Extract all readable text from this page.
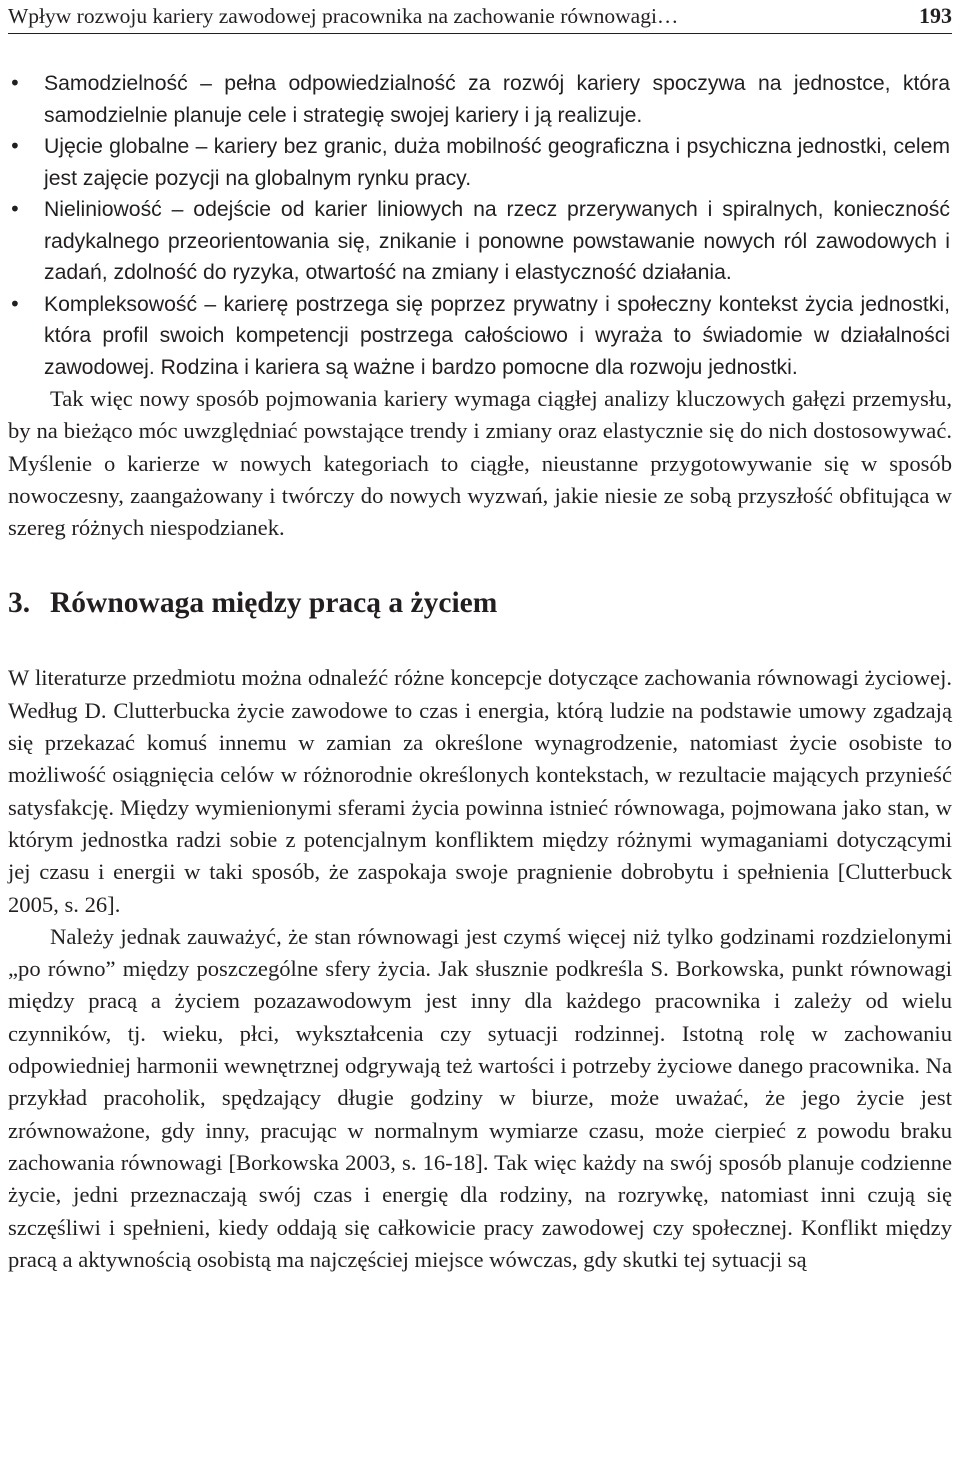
Wpływ rozwoju kariery zawodowej pracownika na zachowanie równowagi…	193
• Samodzielność – pełna odpowiedzialność za rozwój kariery spoczywa na jednostce, która samodzielnie planuje cele i strategię swojej kariery i ją realizuje.
• Ujęcie globalne – kariery bez granic, duża mobilność geograficzna i psychiczna jednostki, celem jest zajęcie pozycji na globalnym rynku pracy.
• Nieliniowość – odejście od karier liniowych na rzecz przerywanych i spiralnych, konieczność radykalnego przeorientowania się, znikanie i ponowne powstawanie nowych ról zawodowych i zadań, zdolność do ryzyka, otwartość na zmiany i elastyczność działania.
• Kompleksowość – karierę postrzega się poprzez prywatny i społeczny kontekst życia jednostki, która profil swoich kompetencji postrzega całościowo i wyraża to świadomie w działalności zawodowej. Rodzina i kariera są ważne i bardzo pomocne dla rozwoju jednostki.

Tak więc nowy sposób pojmowania kariery wymaga ciągłej analizy kluczowych gałęzi przemysłu, by na bieżąco móc uwzględniać powstające trendy i zmiany oraz elastycznie się do nich dostosowywać. Myślenie o karierze w nowych kategoriach to ciągłe, nieustanne przygotowywanie się w sposób nowoczesny, zaangażowany i twórczy do nowych wyzwań, jakie niesie ze sobą przyszłość obfitująca w szereg różnych niespodzianek.

3. Równowaga między pracą a życiem

W literaturze przedmiotu można odnaleźć różne koncepcje dotyczące zachowania równowagi życiowej. Według D. Clutterbucka życie zawodowe to czas i energia, którą ludzie na podstawie umowy zgadzają się przekazać komuś innemu w zamian za określone wynagrodzenie, natomiast życie osobiste to możliwość osiągnięcia celów w różnorodnie określonych kontekstach, w rezultacie mających przynieść satysfakcję. Między wymienionymi sferami życia powinna istnieć równowaga, pojmowana jako stan, w którym jednostka radzi sobie z potencjalnym konfliktem między różnymi wymaganiami dotyczącymi jej czasu i energii w taki sposób, że zaspokaja swoje pragnienie dobrobytu i spełnienia [Clutterbuck 2005, s. 26].

Należy jednak zauważyć, że stan równowagi jest czymś więcej niż tylko godzinami rozdzielonymi „po równo” między poszczególne sfery życia. Jak słusznie podkreśla S. Borkowska, punkt równowagi między pracą a życiem pozazawodowym jest inny dla każdego pracownika i zależy od wielu czynników, tj. wieku, płci, wykształcenia czy sytuacji rodzinnej. Istotną rolę w zachowaniu odpowiedniej harmonii wewnętrznej odgrywają też wartości i potrzeby życiowe danego pracownika. Na przykład pracoholik, spędzający długie godziny w biurze, może uważać, że jego życie jest zrównoważone, gdy inny, pracując w normalnym wymiarze czasu, może cierpieć z powodu braku zachowania równowagi [Borkowska 2003, s. 16-18]. Tak więc każdy na swój sposób planuje codzienne życie, jedni przeznaczają swój czas i energię dla rodziny, na rozrywkę, natomiast inni czują się szczęśliwi i spełnieni, kiedy oddają się całkowicie pracy zawodowej czy społecznej. Konflikt między pracą a aktywnością osobistą ma najczęściej miejsce wówczas, gdy skutki tej sytuacji są
